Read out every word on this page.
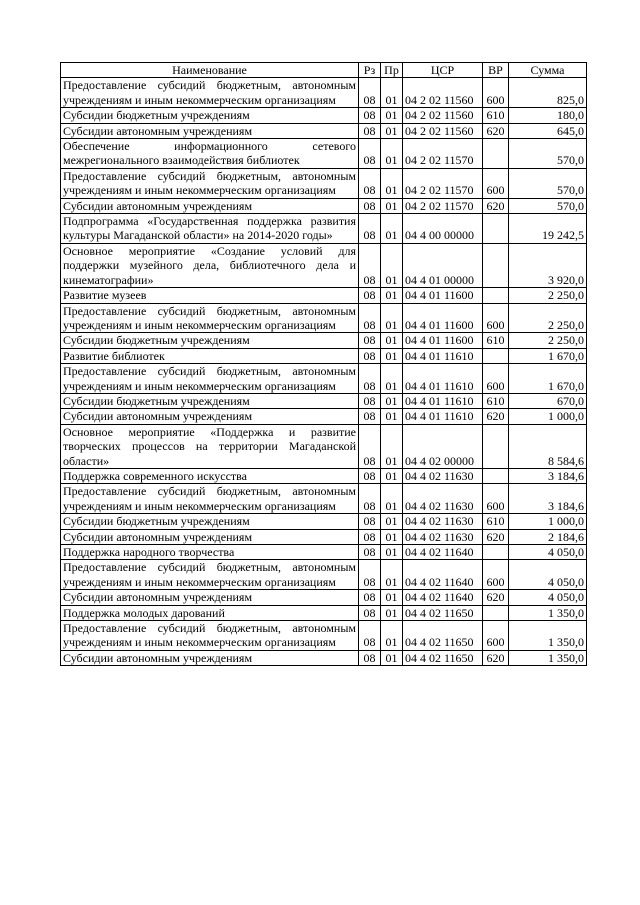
Наименование	Рз	Пр	ЦСР	ВР	Сумма
Предоставление субсидий бюджетным, автономным учреждениям и иным некоммерческим организациям	08	01	04 2 02 11560	600	825,0
Субсидии бюджетным учреждениям	08	01	04 2 02 11560	610	180,0
Субсидии автономным учреждениям	08	01	04 2 02 11560	620	645,0
Обеспечение информационного сетевого межрегионального взаимодействия библиотек	08	01	04 2 02 11570		570,0
Предоставление субсидий бюджетным, автономным учреждениям и иным некоммерческим организациям	08	01	04 2 02 11570	600	570,0
Субсидии автономным учреждениям	08	01	04 2 02 11570	620	570,0
Подпрограмма «Государственная поддержка развития культуры Магаданской области» на 2014-2020 годы»	08	01	04 4 00 00000		19 242,5
Основное мероприятие «Создание условий для поддержки музейного дела, библиотечного дела и кинематографии»	08	01	04 4 01 00000		3 920,0
Развитие музеев	08	01	04 4 01 11600		2 250,0
Предоставление субсидий бюджетным, автономным учреждениям и иным некоммерческим организациям	08	01	04 4 01 11600	600	2 250,0
Субсидии бюджетным учреждениям	08	01	04 4 01 11600	610	2 250,0
Развитие библиотек	08	01	04 4 01 11610		1 670,0
Предоставление субсидий бюджетным, автономным учреждениям и иным некоммерческим организациям	08	01	04 4 01 11610	600	1 670,0
Субсидии бюджетным учреждениям	08	01	04 4 01 11610	610	670,0
Субсидии автономным учреждениям	08	01	04 4 01 11610	620	1 000,0
Основное мероприятие «Поддержка и развитие творческих процессов на территории Магаданской области»	08	01	04 4 02 00000		8 584,6
Поддержка современного искусства	08	01	04 4 02 11630		3 184,6
Предоставление субсидий бюджетным, автономным учреждениям и иным некоммерческим организациям	08	01	04 4 02 11630	600	3 184,6
Субсидии бюджетным учреждениям	08	01	04 4 02 11630	610	1 000,0
Субсидии автономным учреждениям	08	01	04 4 02 11630	620	2 184,6
Поддержка народного творчества	08	01	04 4 02 11640		4 050,0
Предоставление субсидий бюджетным, автономным учреждениям и иным некоммерческим организациям	08	01	04 4 02 11640	600	4 050,0
Субсидии автономным учреждениям	08	01	04 4 02 11640	620	4 050,0
Поддержка молодых дарований	08	01	04 4 02 11650		1 350,0
Предоставление субсидий бюджетным, автономным учреждениям и иным некоммерческим организациям	08	01	04 4 02 11650	600	1 350,0
Субсидии автономным учреждениям	08	01	04 4 02 11650	620	1 350,0
